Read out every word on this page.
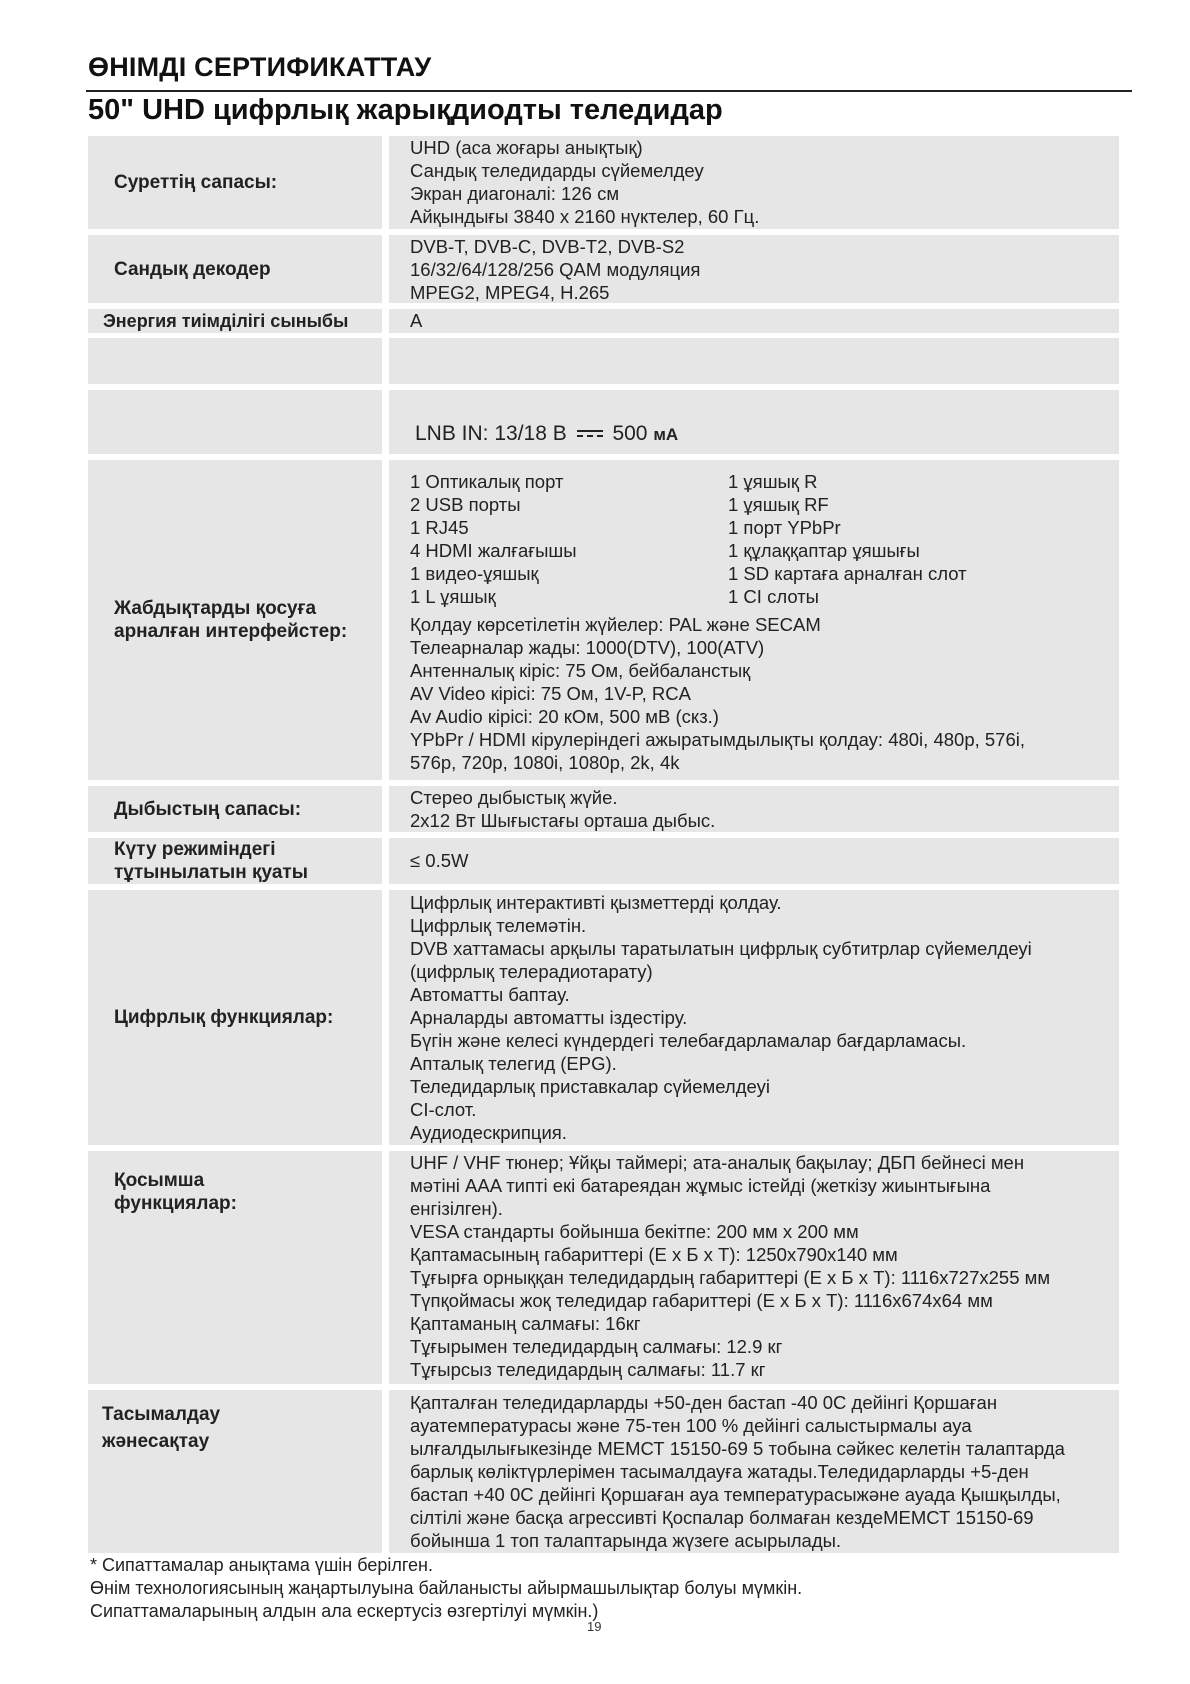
ӨНІМДІ СЕРТИФИКАТТАУ
50" UHD цифрлық жарықдиодты теледидар
Суреттің сапасы:
UHD (аса жоғары анықтық)
Сандық теледидарды сүйемелдеу
Экран диагоналі: 126 см
Айқындығы 3840 х 2160 нүктелер, 60 Гц.
Сандық декодер
DVB-T, DVB-C, DVB-T2, DVB-S2
16/32/64/128/256 QAM модуляция
MPEG2, MPEG4, H.265
Энергия тиімділігі сыныбы	A
LNB IN: 13/18 В 500 мА
Жабдықтарды қосуға арналған интерфейстер:
1 Оптикалық порт
2 USB порты
1 RJ45
4 HDMI жалғағышы
1 видео-ұяшық
1 L ұяшық
1 ұяшық R
1 ұяшық RF
1 порт YPbPr
1 құлаққаптар ұяшығы
1 SD картаға арналған слот
1 CI слоты
Қолдау көрсетілетін жүйелер: PAL және SECAM
Телеарналар жады: 1000(DTV), 100(ATV)
Антенналық кіріс: 75 Ом, бейбаланстық
AV Video кірісі: 75 Ом, 1V-P, RCA
Av Audio кірісі: 20 кОм, 500 мВ (скз.)
YPbPr / HDMI кірулеріндегі ажыратымдылықты қолдау: 480i, 480p, 576i,
576p, 720p, 1080i, 1080p, 2k, 4k
Дыбыстың сапасы:
Стерео дыбыстық жүйе.
2x12 Вт Шығыстағы орташа дыбыс.
Күту режиміндегі тұтынылатын қуаты
≤ 0.5W
Цифрлық функциялар:
Цифрлық интерактивті қызметтерді қолдау.
Цифрлық телемәтін.
DVB хаттамасы арқылы таратылатын цифрлық субтитрлар сүйемелдеуі
(цифрлық телерадиотарату)
Автоматты баптау.
Арналарды автоматты іздестіру.
Бүгін және келесі күндердегі телебағдарламалар бағдарламасы.
Апталық телегид (EPG).
Теледидарлық приставкалар сүйемелдеуі
CI-слот.
Аудиодескрипция.
Қосымша функциялар:
UHF / VHF тюнер; Ұйқы таймері; ата-аналық бақылау; ДБП бейнесі мен
мәтіні AAA типті екі батареядан жұмыс істейді (жеткізу жиынтығына
енгізілген).
VESA стандарты бойынша бекітпе: 200 мм х 200 мм
Қаптамасының габариттері (Е х Б х Т): 1250x790x140 мм
Тұғырға орныққан теледидардың габариттері (Е х Б х Т): 1116x727x255 мм
Түпқоймасы жоқ теледидар габариттері (Е х Б х Т): 1116x674x64 мм
Қаптаманың салмағы: 16кг
Тұғырымен теледидардың салмағы: 12.9 кг
Тұғырсыз теледидардың салмағы: 11.7 кг
Тасымалдау жәнесақтау
Қапталған теледидарларды +50-ден бастап -40 0С дейінгі Қоршаған
ауатемпературасы және 75-тен 100 % дейінгі салыстырмалы ауа
ылғалдылығыкезінде МЕМСТ 15150-69 5 тобына сәйкес келетін талаптарда
барлық көліктүрлерімен тасымалдауға жатады.Теледидарларды +5-ден
бастап +40 0С дейінгі Қоршаған ауа температурасыжәне ауада Қышқылды,
сілтілі және басқа агрессивті Қоспалар болмаған кездеМЕМСТ 15150-69
бойынша 1 топ талаптарында жүзеге асырылады.
* Сипаттамалар анықтама үшін берілген.
Өнім технологиясының жаңартылуына байланысты айырмашылықтар болуы мүмкін.
Сипаттамаларының алдын ала ескертусіз өзгертілуі мүмкін.)
19
